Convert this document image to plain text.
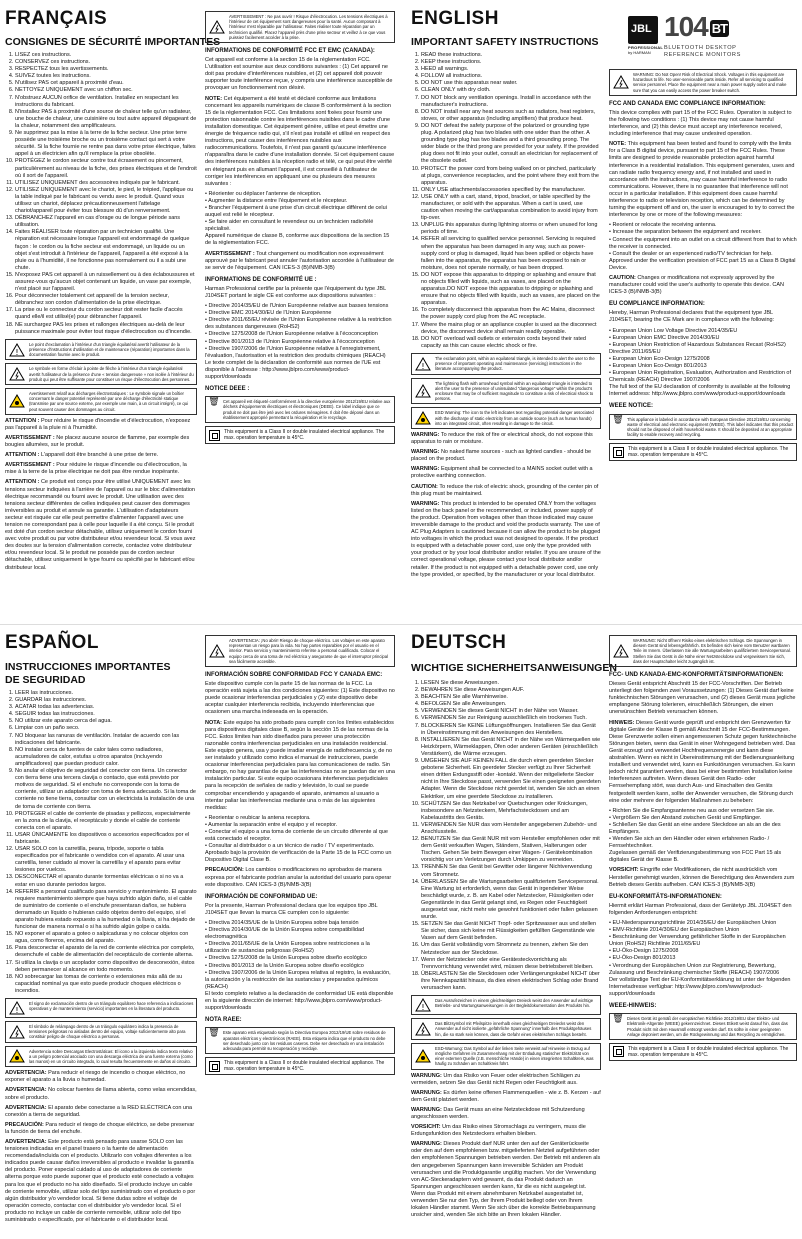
JBL
PROFESSIONAL
by HARMAN
104 BT
BLUETOOTH DESKTOP
REFERENCE MONITORS
FRANÇAIS
CONSIGNES DE SÉCURITÉ IMPORTANTES
1. LISEZ ces instructions.
2. CONSERVEZ ces instructions.
3. RESPECTEZ tous les avertissements.
4. SUIVEZ toutes les instructions.
5. N'utilisez PAS cet appareil à proximité d'eau.
6. NETTOYEZ UNIQUEMENT avec un chiffon sec.
7. N'obstruez AUCUN orifice de ventilation. Installez en respectant les instructions du fabricant.
8. N'installez PAS à proximité d'une source de chaleur telle qu'un radiateur, une bouche de chaleur, une cuisinière ou tout autre appareil dégageant de la chaleur, notamment des amplificateurs.
9. Ne supprimez pas la mise à la terre de la fiche secteur. Une prise terre possède une troisième broche ou un troisième contact qui sert à votre sécurité. Si la fiche fournie ne rentre pas dans votre prise électrique, faites appel à un électricien afin qu'il remplace la prise obsolète.
10. PROTÉGEZ le cordon secteur contre tout écrasement ou pincement, particulièrement au niveau de la fiche, des prises électriques et de l'endroit où il sort de l'appareil.
11. UTILISEZ UNIQUEMENT des accessoires indiqués par le fabricant.
12. UTILISEZ UNIQUEMENT avec le chariot, le pied, le trépied, l'applique ou la table indiqué par le fabricant ou vendu avec le produit. Quand vous utilisez un chariot, déplacez précautionneusement l'attelage chariot/appareil pour éviter tous blessure dû d'un renversement.
13. DÉBRANCHEZ l'appareil en cas d'orage ou de longue période sans utilisation.
14. Faites RÉALISER toute réparation par un technicien qualifié. Une réparation est nécessaire lorsque l'appareil est endommagé de quelque façon : le cordon ou la fiche secteur est endommagé, un liquide ou un objet s'est introduit à l'intérieur de l'appareil, l'appareil a été exposé à la pluie ou à l'humidité, il ne fonctionne pas normalement ou il a subi une chute.
15. N'exposez PAS cet appareil à un ruissellement ou à des éclaboussures et assurez-vous qu'aucun objet contenant un liquide, un vase par exemple, n'est placé sur l'appareil.
16. Pour déconnecter totalement cet appareil de la tension secteur, débranchez son cordon d'alimentation de la prise électrique.
17. La prise ou le connecteur du cordon secteur doit rester facile d'accès quand elle/il est utilisé(e) pour débrancher l'appareil.
18. NE surchargez PAS les prises et rallonges électriques au-delà de leur puissance maximale pour éviter tout risque d'électrocution ou d'incendie.
!
Le point d'exclamation à l'intérieur d'un triangle équilatéral avertit l'utilisateur de la présence d'instructions d'utilisation et de maintenance (réparation) importantes dans la documentation fournie avec le produit.
Le symbole en forme d'éclair à pointe de flèche à l'intérieur d'un triangle équilatéral avertit l'utilisateur de la présence d'une « tension dangereuse » non isolée à l'intérieur du produit qui peut être suffisante pour constituer un risque d'électrocution des personnes.
Avertissement relatif aux décharges électrostatiques : Le symbole signale un boîtier concernant le danger potentiel représenté par une décharge d'électricité statique (transmise par une source externe, par exemple une main, à un circuit intégré), ce qui peut souvent causer des dommages au circuit.

ATTENTION : Pour réduire le risque d'incendie et d'électrocution, n'exposez pas l'appareil à la pluie ni à l'humidité.

AVERTISSEMENT : Ne placez aucune source de flamme, par exemple des bougies allumées, sur le produit.

ATTENTION : L'appareil doit être branché à une prise de terre.

AVERTISSEMENT : Pour réduire le risque d'incendie ou d'électrocution, la mise à la terre de la prise électrique ne doit pas être rendue inopérante.

ATTENTION : Ce produit est conçu pour être utilisé UNIQUEMENT avec les tensions secteur indiquées à l'arrière de l'appareil ou sur le bloc d'alimentation électrique recommandé ou fourni avec le produit. Une utilisation avec des tensions secteur différentes de celles indiquées peut causer des dommages irréversibles au produit et annule sa garantie. L'utilisation d'adaptateurs secteur est risquée car elle peut permettre d'alimenter l'appareil avec une tension ne correspondant pas à celle pour laquelle il a été conçu. Si le produit est doté d'un cordon secteur détachable, utilisez uniquement le cordon fourni avec votre produit ou par votre distributeur et/ou revendeur local. Si vous avez des doutes sur la tension d'alimentation correcte, contactez votre distributeur et/ou revendeur local. Si le produit ne possède pas de cordon secteur détachable, utilisez uniquement le type fourni ou spécifié par le fabricant et/ou distributeur local.

AVERTISSEMENT : Ne pas ouvrir ! Risque d'électrocution. Les tensions électriques à l'intérieur de cet équipement sont dangereuses pour la santé. Aucun composant à l'intérieur n'est réparable par l'utilisateur. Faites réaliser toute réparation par un technicien qualifié. Placez l'appareil près d'une prise secteur et veillez à ce que vous puissiez facilement accéder à la prise.
INFORMATIONS DE CONFORMITÉ FCC ET EMC (CANADA):

Cet appareil est conforme à la section 15 de la réglementation FCC. L'utilisation est soumise aux deux conditions suivantes : (1) Cet appareil ne doit pas produire d'interférences nuisibles, et (2) cet appareil doit pouvoir supporter toute interférence reçue, y compris une interférence susceptible de provoquer un fonctionnement non désiré.

NOTE: Cet équipement a été testé et déclaré conforme aux limitations concernant les appareils numériques de classe B conformément à la section 15 de la réglementation FCC. Ces limitations sont fixées pour fournir une protection raisonnable contre les interférences nuisibles dans le cadre d'une installation domestique. Cet équipement génère, utilise et peut émettre une énergie de fréquence radio qui, s'il n'est pas installé et utilisé en respect des instructions, peut causer des interférences nuisibles aux radiocommunications. Toutefois, il n'est pas garanti qu'aucune interférence n'apparaîtra dans le cadre d'une installation donnée. Si cet équipement cause des interférences nuisibles à la réception radio et télé, ce qui peut être vérifié en éteignant puis en allumant l'appareil, il est conseillé à l'utilisateur de corriger les interférences en appliquant une ou plusieurs des mesures suivantes :

• Réorienter ou déplacer l'antenne de réception.
• Augmenter la distance entre l'équipement et le récepteur.
• Brancher l'équipement à une prise d'un circuit électrique différent de celui auquel est relié le récepteur.
• Se faire aider en consultant le revendeur ou un technicien radio/télé spécialisé.

Appareil numérique de classe B, conforme aux dispositions de la section 15 de la réglementation FCC.

AVERTISSEMENT : Tout changement ou modification non expressément approuvé par le fabricant peut annuler l'autorisation accordée à l'utilisateur de se servir de l'équipement. CAN ICES-3 (B)/NMB-3(B)

INFORMATIONS DE CONFORMITÉ UE :

Harman Professional certifie par la présente que l'équipement du type JBL J104SET portant le sigle CE est conforme aux dispositions suivantes :

• Directive 2014/35/EU de l'Union Européenne relative aux basses tensions
• Directive EMC 2014/30/EU de l'Union Européenne
• Directive 2011/65/EU révisée de l'Union Européenne relative à la restriction des substances dangereuses (RoHS2)
• Directive 1275/2008 de l'Union Européenne relative à l'écoconception
• Directive 801/2013 de l'Union Européenne relative à l'écoconception
• Directive 1907/2006 de l'Union Européenne relative à l'enregistrement, l'évaluation, l'autorisation et la restriction des produits chimiques (REACH)

Le texte complet de la déclaration de conformité aux normes de l'UE est disponible à l'adresse : http://www.jblpro.com/www/product-support/downloads

NOTICE DEEE :
🗑 Cet appareil est étiqueté conformément à la directive européenne 2012/19/EU relative aux déchets d'équipements électriques et électroniques (DEEE). Ce label indique que ce produit ne doit pas être jeté avec les ordures ménagères. Il doit être déposé dans un établissement approprié permettant la récupération et le recyclage.
This equipment is a Class II or double insulated electrical appliance. The max. operation temperature is 45°C.
ENGLISH
IMPORTANT SAFETY INSTRUCTIONS
1. READ these instructions.
2. KEEP these instructions.
3. HEED all warnings.
4. FOLLOW all instructions.
5. DO NOT use this apparatus near water.
6. CLEAN ONLY with dry cloth.
7. DO NOT block any ventilation openings. Install in accordance with the manufacturer's instructions.
8. DO NOT install near any heat sources such as radiators, heat registers, stoves, or other apparatus (including amplifiers) that produce heat.
9. DO NOT defeat the safety purpose of the polarized or grounding type plug. A polarized plug has two blades with one wider than the other. A grounding type plug has two blades and a third grounding prong. The wider blade or the third prong are provided for your safety. If the provided plug does not fit into your outlet, consult an electrician for replacement of the obsolete outlet.
10. PROTECT the power cord from being walked on or pinched, particularly at plugs, convenience receptacles, and the point where they exit from the apparatus.
11. ONLY USE attachments/accessories specified by the manufacturer.
12. USE ONLY with a cart, stand, tripod, bracket, or table specified by the manufacturer, or sold with the apparatus. When a cart is used, use caution when moving the cart/apparatus combination to avoid injury from tip-over.
13. UNPLUG this apparatus during lightning storms or when unused for long periods of time.
14. REFER all servicing to qualified service personnel. Servicing is required when the apparatus has been damaged in any way, such as power-supply cord or plug is damaged, liquid has been spilled or objects have fallen into the apparatus, the apparatus has been exposed to rain or moisture, does not operate normally, or has been dropped.
15. DO NOT expose this apparatus to dripping or splashing and ensure that no objects filled with liquids, such as vases, are placed on the apparatus.DO NOT expose this apparatus to dripping or splashing and ensure that no objects filled with liquids, such as vases, are placed on the apparatus.
16. To completely disconnect this apparatus from the AC Mains, disconnect the power supply cord plug from the AC receptacle.
17. Where the mains plug or an appliance coupler is used as the disconnect device, the disconnect device shall remain readily operable.
18. DO NOT overload wall outlets or extension cords beyond their rated capacity as this can cause electric shock or fire.
!
The exclamation point, within an equilateral triangle, is intended to alert the user to the presence of important operating and maintenance (servicing) instructions in the literature accompanying the product.
The lightning flash with arrowhead symbol within an equilateral triangle is intended to alert the user to the presence of uninsulated "dangerous voltage" within the product's enclosure that may be of sufficient magnitude to constitute a risk of electrical shock to persons.
ESD Warning: The icon to the left indicates text regarding potential danger associated with the discharge of static electricity from an outside source (such as human hands) into an integrated circuit, often resulting in damage to the circuit.

WARNING: To reduce the risk of fire or electrical shock, do not expose this apparatus to rain or moisture.

WARNING: No naked flame sources - such as lighted candles - should be placed on the product.

WARNING: Equipment shall be connected to a MAINS socket outlet with a protective earthing connection.

CAUTION: To reduce the risk of electric shock, grounding of the center pin of this plug must be maintained.

WARNING: This product is intended to be operated ONLY from the voltages listed on the back panel or the recommended, or included, power supply of the product. Operation from voltages other than those indicated may cause irreversible damage to the product and void the products warranty. The use of AC Plug Adapters is cautioned because it can allow the product to be plugged into voltages in which the product was not designed to operate. If the product is equipped with a detachable power cord, use only the type provided with your product or by your local distributor and/or retailer. If you are unsure of the correct operational voltage, please contact your local distributor and/or retailer. If the product is not equipped with a detachable power cord, use only the type provided, or specified, by the manufacturer or your local distributor.

WARNING: Do Not Open! Risk of Electrical Shock. Voltages in this equipment are hazardous to life. No user-serviceable parts inside. Refer all servicing to qualified service personnel. Place the equipment near a main power supply outlet and make sure that you can easily access the power breaker switch.
FCC AND CANADA EMC COMPLIANCE INFORMATION:

This device complies with part 15 of the FCC Rules. Operation is subject to the following two conditions : (1) This device may not cause harmful interference, and (2) this device must accept any interference received, including interference that may cause undesired operation.

NOTE: This equipment has been tested and found to comply with the limits for a Class B digital device, pursuant to part 15 of the FCC Rules. These limits are designed to provide reasonable protection against harmful interference in a residential installation. This equipment generates, uses and can radiate radio frequency energy and, if not installed and used in accordance with the instructions, may cause harmful interference to radio communications. However, there is no guarantee that interference will not occur in a particular installation. If this equipment does cause harmful interference to radio or television reception, which can be determined by turning the equipment off and on, the user is encouraged to try to correct the interference by one or more of the following measures:

• Reorient or relocate the receiving antenna.
• Increase the separation between the equipment and receiver.
• Connect the equipment into an outlet on a circuit different from that to which the receiver is connected.
• Consult the dealer or an experienced radio/TV technician for help.

Approved under the verification provision of FCC part 15 as a Class B Digital Device.

CAUTION: Changes or modifications not expressly approved by the manufacturer could void the user's authority to operate this device. CAN ICES-3 (B)/NMB-3(B)

EU COMPLIANCE INFORMATION:

Hereby, Harman Professional declares that the equipment type JBL J104SET, bearing the CE Mark are in compliance with the following:

• European Union Low Voltage Directive 2014/35/EU
• European Union EMC Directive 2014/30/EU
• European Union Restriction of Hazardous Substances Recast (RoHS2) Directive 2011/65/EU
• European Union Eco-Design 1275/2008
• European Union Eco-Design 801/2013
• European Union Registration, Evaluation, Authorization and Restriction of Chemicals (REACH) Directive 1907/2006

The full text of the EU declaration of conformity is available at the following Internet address: http://www.jblpro.com/www/product-support/downloads

WEEE NOTICE:
🗑 This appliance is labeled in accordance with European Directive 2012/19/EU concerning waste of electrical and electronic equipment (WEEE). This label indicates that this product should not be disposed of with household waste. It should be deposited at an appropriate facility to enable recovery and recycling.
This equipment is a Class II or double insulated electrical appliance. The max. operation temperature is 45°C.
ESPAÑOL
INSTRUCCIONES IMPORTANTES
DE SEGURIDAD
1. LEER las instrucciones.
2. GUARDAR las instrucciones.
3. ACATAR todas las advertencias.
4. SEGUIR todas las instrucciones.
5. NO utilizar este aparato cerca del agua.
6. Limpiar con un paño seco.
7. NO bloquear las ranuras de ventilación. Instalar de acuerdo con las indicaciones del fabricante.
8. NO instalar cerca de fuentes de calor tales como radiadores, acumuladores de calor, estufas u otros aparatos (incluyendo amplificadores) que puedan producir calor.
9. No anular el objetivo de seguridad del conector con tierra. Un conector con tierra tiene una tercera clavija o contacto, que está previsto por motivos de seguridad. Si el enchufe no corresponde con la toma de corriente, utilizar un adaptador con toma de tierra adecuado. Si la toma de corriente no tiene tierra, consultar con un electricista la instalación de una de toma de corriente con tierra.
10. PROTEGER el cable de corriente de pisadas y pellizcos, especialmente en la zona de la clavija, el receptáculo y donde el cable de corriente conecta con el aparato.
11. USAR ÚNICAMENTE los dispositivos o accesorios especificados por el fabricante.
12. USAR SOLO con la carretilla, peana, trípode, soporte o tabla especificados por el fabricante o vendidos con el aparato. Al usar una carretilla, tener cuidado al mover la carretilla y el aparato para evitar lesiones por vuelcos.
13. DESCONECTAR el aparato durante tormentas eléctricas o si no va a estar en uso durante periodos largos.
14. REFERIR a personal cualificado para servicio y mantenimiento. El aparato requiere mantenimiento siempre que haya sufrido algún daño, si el cable de suministro de corriente o el enchufe presentaran daños, se hubiera derramado un líquido o hubieran caído objetos dentro del equipo, si el aparato hubiera estado expuesto a la humedad o la lluvia, si ha dejado de funcionar de manera normal o si ha sufrido algún golpe o caída.
15. NO exponer el aparato a goteo o salpicaduras y no colocar objetos con agua, como floreros, encima del aparato.
16. Para desconectar el aparato de la red de corriente eléctrica por completo, desenchufe el cable de alimentación del receptáculo de corriente alterna.
17. Si utiliza la clavija o un acoplador como dispositivo de desconexión, éstos deben permanecer al alcance en todo momento.
18. NO sobrecargar las tomas de corriente o extensiones más allá de su capacidad nominal ya que esto puede producir choques eléctricos o incendios.
!
El signo de exclamación dentro de un triángulo equilátero hace referencia a indicaciones operativas y de mantenimiento (servicio) importantes en la literatura del producto.
El símbolo de relámpago dentro de un triángulo equilátero indica la presencia de tensiones peligrosas no aisladas dentro del equipo, voltaje suficientemente alto para constituir peligro de choque eléctrico a personas.
Advertencia sobre Descargas Electrostáticas: El icono a la izquierda indica texto relativo a un peligro potencial asociado con una descarga eléctrica de una fuente externa (como las manos) en un circuito integrado, lo cual resulta frecuentemente en daños al circuito.

ADVERTENCIA: Para reducir el riesgo de incendio o choque eléctrico, no exponer el aparato a la lluvia o humedad.

ADVERTENCIA: No colocar fuentes de llama abierta, como velas encendidas, sobre el producto.

ADVERTENCIA: El aparato debe conectarse a la RED ELÉCTRICA con una conexión a tierra de seguridad.

PRECAUCIÓN: Para reducir el riesgo de choque eléctrico, se debe preservar la función de tierra del enchufe.

ADVERTENCIA: Este producto está pensado para usarse SOLO con las tensiones indicadas en el panel trasero o la fuente de alimentación recomendada/incluida con el producto. Utilizarlo con voltajes diferentes a los indicados puede causar daños irreversibles al producto e invalidar la garantía del producto. Poner especial cuidado al uso de adaptadores de corriente alterna porque esto puede suponer que el producto esté conectado a voltajes para los que el producto no ha sido diseñado. Si el producto incluye un cable de corriente removible, utilizar solo del tipo suministrado con el producto o por algún distribuidor y/o vendedor local. Si tiene dudas sobre el voltaje de operación correcto, contactar con el distribuidor y/o vendedor local. Si el producto no incluye un cable de corriente removible, utilizar solo del tipo suministrado o especificado, por el fabricante o el distribuidor local.

ADVERTENCIA: ¡No abrir! Riesgo de choque eléctrico. Los voltajes en este aparato representan un riesgo para la vida. No hay partes reparables por el usuario en el interior. Para servicio y mantenimiento referirse a personal cualificado. Colocar el equipo cerca de una toma de red eléctrica y asegurarse de que el interruptor principal sea fácilmente accesible.
INFORMACIÓN SOBRE CONFORMIDAD FCC Y CANADA EMC:

Este dispositivo cumple con la parte 15 de las normas de la FCC. La operación está sujeta a las dos condiciones siguientes: (1) Este dispositivo no puede ocasionar interferencias perjudiciales y (2) este dispositivo debe aceptar cualquier interferencia recibida, incluyendo interferencias que ocasionen una marcha indeseada en la operación.

NOTA: Este equipo ha sido probado para cumplir con los límites establecidos para dispositivos digitales clase B, según la sección 15 de las normas de la FCC. Estos límites han sido diseñados para proveer una protección razonable contra interferencias perjudiciales en una instalación residencial. Este equipo genera, usa y puede irradiar energía de radiofrecuencia y, de no ser instalado y utilizado como indica el manual de instrucciones, puede ocasionar interferencias perjudiciales para las comunicaciones de radio. Sin embargo, no hay garantías de que las interferencias no se puedan dar en una instalación particular. Si este equipo ocasionara interferencias perjudiciales para la recepción de señales de radio y televisión, lo cual se puede comprobar encendiendo y apagando el aparato, animamos al usuario a intentar paliar las interferencias mediante una o más de las siguientes medidas:

• Reorientar o reubicar la antena receptora.
• Aumentar la separación entre el equipo y el receptor.
• Conectar el equipo a una toma de corriente de un circuito diferente al que está conectado el receptor.
• Consultar al distribuidor o a un técnico de radio / TV experimentado.

Aprobado bajo la provisión de verificación de la Parte 15 de la FCC como un Dispositivo Digital Clase B.

PRECAUCIÓN: Los cambios o modificaciones no aprobados de manera expresa por el fabricante podrían anular la autoridad del usuario para operar este dispositivo. CAN ICES-3 (B)/NMB-3(B)

INFORMACIÓN DE CONFORMIDAD UE:

Por la presente, Harman Professional declara que los equipos tipo JBL J104SET que llevan la marca CE cumplen con lo siguiente:

• Directiva 2014/35/UE de la Unión Europea sobre baja tensión
• Directiva 2014/30/UE de la Unión Europea sobre compatibilidad electromagnética
• Directiva 2011/65/UE de la Unión Europea sobre restricciones a la utilización de sustancias peligrosas (RoHS2)
• Directiva 1275/2008 de la Unión Europea sobre diseño ecológico
• Directiva 801/2013 de la Unión Europea sobre diseño ecológico
• Directiva 1907/2006 de la Unión Europea relativa al registro, la evaluación, la autorización y la restricción de las sustancias y preparados químicos (REACH)

El texto completo relativo a la declaración de conformidad UE está disponible en la siguiente dirección de internet: http://www.jblpro.com/www/product-support/downloads

NOTA RAEE:
🗑 Este aparato está etiquetado según la Directiva Europea 2012/19/UE sobre residuos de aparatos eléctricos y electrónicos (RAEE). Esta etiqueta indica que el producto no debe ser desechado junto con los residuos caseros. Debe ser desechado en una instalación adecuada para permitir su recuperación y reciclaje.
This equipment is a Class II or double insulated electrical appliance. The max. operation temperature is 45°C.
DEUTSCH
WICHTIGE SICHERHEITSANWEISUNGEN
1. LESEN Sie diese Anweisungen.
2. BEWAHREN Sie diese Anweisungen AUF.
3. BEACHTEN Sie alle Warnhinweise.
4. BEFOLGEN Sie alle Anweisungen.
5. VERWENDEN Sie dieses Gerät NICHT in der Nähe von Wasser.
6. VERWENDEN Sie zur Reinigung ausschließlich ein trockenes Tuch.
7. BLOCKIEREN Sie KEINE Lüftungsöffnungen. Installieren Sie das Gerät in Übereinstimmung mit den Anweisungen des Herstellers.
8. INSTALLIEREN Sie das Gerät NICHT in der Nähe von Wärmequellen wie Heizkörpern, Wärmeklappen, Öfen oder anderen Geräten (einschließlich Verstärkern), die Wärme erzeugen.
9. UMGEHEN SIE AUF KEINEN FALL die durch einen geerdeten Stecker gebotene Sicherheit. Ein geerdeter Stecker verfügt zu Ihrer Sicherheit einen dritten Erdungsstift oder -kontakt. Wenn der mitgelieferte Stecker nicht in Ihre Steckdose passt, verwenden Sie einen geeigneten geerdeten Adapter. Wenn die Steckdose nicht geerdet ist, wenden Sie sich an einen Elektriker, um eine geerdete Steckdose zu installieren.
10. SCHÜTZEN Sie das Netzkabel vor Quetschungen oder Knickungen, insbesondere an Netzsteckern, Mehrfachsteckdosen und am Kabelaustritts des Geräts.
11. VERWENDEN Sie NUR das vom Hersteller angegebenen Zubehör- und Anschlussteile.
12. BENUTZEN Sie das Gerät NUR mit vom Hersteller empfohlenen oder mit dem Gerät verkauften Wagen, Ständern, Stativen, Halterungen oder Tischen. Gehen Sie beim Bewegen einer Wagen- / Gerätekombination vorsichtig vor um Verletzungen durch Umkippen zu vermeiden.
13. TRENNEN Sie das Gerät bei Gewitter oder längerer Nichtverwendung vom Stromnetz.
14. ÜBERLASSEN Sie alle Wartungsarbeiten qualifiziertem Servicepersonal. Eine Wartung ist erforderlich, wenn das Gerät in irgendeiner Weise beschädigt wurde, z. B. am Kabel oder Netzstecker, Flüssigkeiten oder Gegenstände in das Gerät gelangt sind, es Regen oder Feuchtigkeit ausgesetzt war, nicht mehr wie gewohnt funktioniert oder fallen gelassen wurde.
15. SETZEN Sie das Gerät NICHT Tropf- oder Spritzwasser aus und stellen Sie sicher, dass sich keine mit Flüssigkeiten gefüllten Gegenstände wie Vasen auf dem Gerät befinden.
16. Um das Gerät vollständig vom Stromnetz zu trennen, ziehen Sie den Netzstecker aus der Steckdose.
17. Wenn der Netzstecker oder eine Gerätesteckvorrichtung als Trennvorrichtung verwendet wird, müssen diese betriebsbereit bleiben.
18. ÜBERLASTEN Sie die Steckdosen oder Verlängerungskabel NICHT über ihre Nennkapazität hinaus, da dies einen elektrischen Schlag oder Brand verursachen kann.
!
Das Ausrufezeichen in einem gleichseitigen Dreieck weist den Anwender auf wichtige Betriebs- und Wartungsanweisungen in der Begleitdokumentation des Produkts hin.
Das Blitzsymbol mit Pfeilspitze innerhalb eines gleichseitigen Dreiecks weist den Anwender auf nicht isolierte „gefährliche Spannung" innerhalb des Produktgehäuses hin, die so stark sein können, dass die Gefahr eines elektrischen Schlags besteht.
ESD-Warnung: Das Symbol auf der linken Seite verweist auf Hinweise in Bezug auf mögliche Gefahren im Zusammenhang mit der Entladung statischer Elektrizität von einer externen Quelle (z.B. menschliche Hände) in einen integrierten Schaltkreis, was häufig zu Schäden am Schaltkreis führt.

WARNUNG: Um das Risiko von Feuer oder elektrischen Schlägen zu vermeiden, setzen Sie das Gerät nicht Regen oder Feuchtigkeit aus.

WARNUNG: Es dürfen keine offenen Flammenquellen - wie z. B. Kerzen - auf dem Gerät platziert werden.

WARNUNG: Das Gerät muss an eine Netzsteckdose mit Schutzerdung angeschlossen werden.

VORSICHT: Um das Risiko eines Stromschlags zu verringern, muss die Erdungsfunktion des Netzsteckers erhalten bleiben.

WARNUNG: Dieses Produkt darf NUR unter den auf der Geräterückseite oder den auf dem empfohlenen bzw. mitgelieferten Netzteil aufgeführten oder den empfohlenen Spannungen betrieben werden. Der Betrieb mit anderen als den angegebenen Spannungen kann irreversible Schäden am Produkt verursachen und die Produktgarantie ungültig machen. Vor der Verwendung von AC-Steckeradaptern wird gewarnt, da das Produkt dadurch an Spannungen angeschlossen werden kann, für die es nicht ausgelegt ist. Wenn das Produkt mit einem abnehmbaren Netzkabel ausgestattet ist, verwenden Sie nur den Typ, der Ihrem Produkt beiliegt oder von Ihrem lokalen Händler stammt. Wenn Sie sich über die korrekte Betriebsspannung unsicher sind, wenden Sie sich bitte an Ihren lokalen Händler.

WARNUNG: Nicht öffnen! Risiko eines elektrischen Schlags. Die Spannungen in diesem Gerät sind lebensgefährlich. Es befinden sich keine vom Benutzer wartbaren Teile im Innern. Überlassen Sie alle Wartungsarbeiten qualifiziertem Servicepersonal. Stellen Sie das Gerät in die Nähe einer Netzsteckdose und vergewissern Sie sich, dass der Hauptschalter leicht zugänglich ist.
FCC- UND KANADA-EMC-KONFORMITÄTSINFORMATIONEN:

Dieses Gerät entspricht Abschnitt 15 der FCC-Vorschriften. Der Betrieb unterliegt den folgenden zwei Voraussetzungen: (1) Dieses Gerät darf keine funktechnischen Störungen verursachen, und (2) dieses Gerät muss jegliche empfangene Störung tolerieren, einschließlich Störungen, die einen unerwünschten Betrieb verursachen können.

HINWEIS: Dieses Gerät wurde geprüft und entspricht den Grenzwerten für digitale Geräte der Klasse B gemäß Abschnitt 15 der FCC-Bestimmungen. Diese Grenzwerte sollen einen angemessenen Schutz gegen funktechnische Störungen bieten, wenn das Gerät in einer Wohngegend betrieben wird. Das Gerät erzeugt und verwendet Hochfrequenzenergie und kann diese abstrahlen. Wenn es nicht in Übereinstimmung mit der Bedienungsanleitung installiert und verwendet wird, kann es Funkstörungen verursachen. Es kann jedoch nicht garantiert werden, dass bei einer bestimmten Installation keine Interferenzen auftreten. Wenn dieses Gerät den Radio- oder Fernsehempfang stört, was durch Aus- und Einschalten des Geräts festgestellt werden kann, sollte der Anwender versuchen, die Störung durch eine oder mehrere der folgenden Maßnahmen zu beheben:

• Richten Sie die Empfangsantenne neu aus oder versetzen Sie sie.
• Vergrößern Sie den Abstand zwischen Gerät und Empfänger.
• Schließen Sie das Gerät an eine andere Steckdose an als an die des Empfängers.
• Wenden Sie sich an den Händler oder einen erfahrenen Radio- / Fernsehtechniker.

Zugelassen gemäß der Verifizierungsbestimmung von FCC Part 15 als digitales Gerät der Klasse B.

VORSICHT: Eingriffe oder Modifikationen, die nicht ausdrücklich vom Hersteller genehmigt wurden, können die Berechtigung des Anwenders zum Betrieb dieses Geräts aufheben. CAN ICES-3 (B)/NMB-3(B)

EU-KONFORMITÄTS-INFORMATIONEN:

Hiermit erklärt Harman Professional, dass der Gerätetyp JBL J104SET den folgenden Anforderungen entspricht:

• EU-Niederspannungsrichtlinie 2014/35/EU der Europäischen Union
• EMV-Richtlinie 2014/30/EU der Europäischen Union
• Beschränkung der Verwendung gefährlicher Stoffe in der Europäischen Union (RoHS2) Richtlinie 2011/65/EU
• EU-Öko-Design 1275/2008
• EU-Öko-Design 801/2013
• Verordnung der Europäischen Union zur Registrierung, Bewertung, Zulassung und Beschränkung chemischer Stoffe (REACH) 1907/2006

Der vollständige Text der EU-Konformitätserklärung ist unter der folgenden Internetadresse verfügbar: http://www.jblpro.com/www/product-support/downloads

WEEE-HINWEIS:
🗑 Dieses Gerät ist gemäß der europäischen Richtlinie 2012/19/EU über Elektro- und Elektronik-Altgeräte (WEEE) gekennzeichnet. Dieses Etikett weist darauf hin, dass das Produkt nicht mit dem Hausmüll entsorgt werden darf. Es sollte in einer geeigneten Anlage deponiert werden, um die Rückgewinnung und das Recycling zu ermöglichen.
This equipment is a Class II or double insulated electrical appliance. The max. operation temperature is 45°C.
